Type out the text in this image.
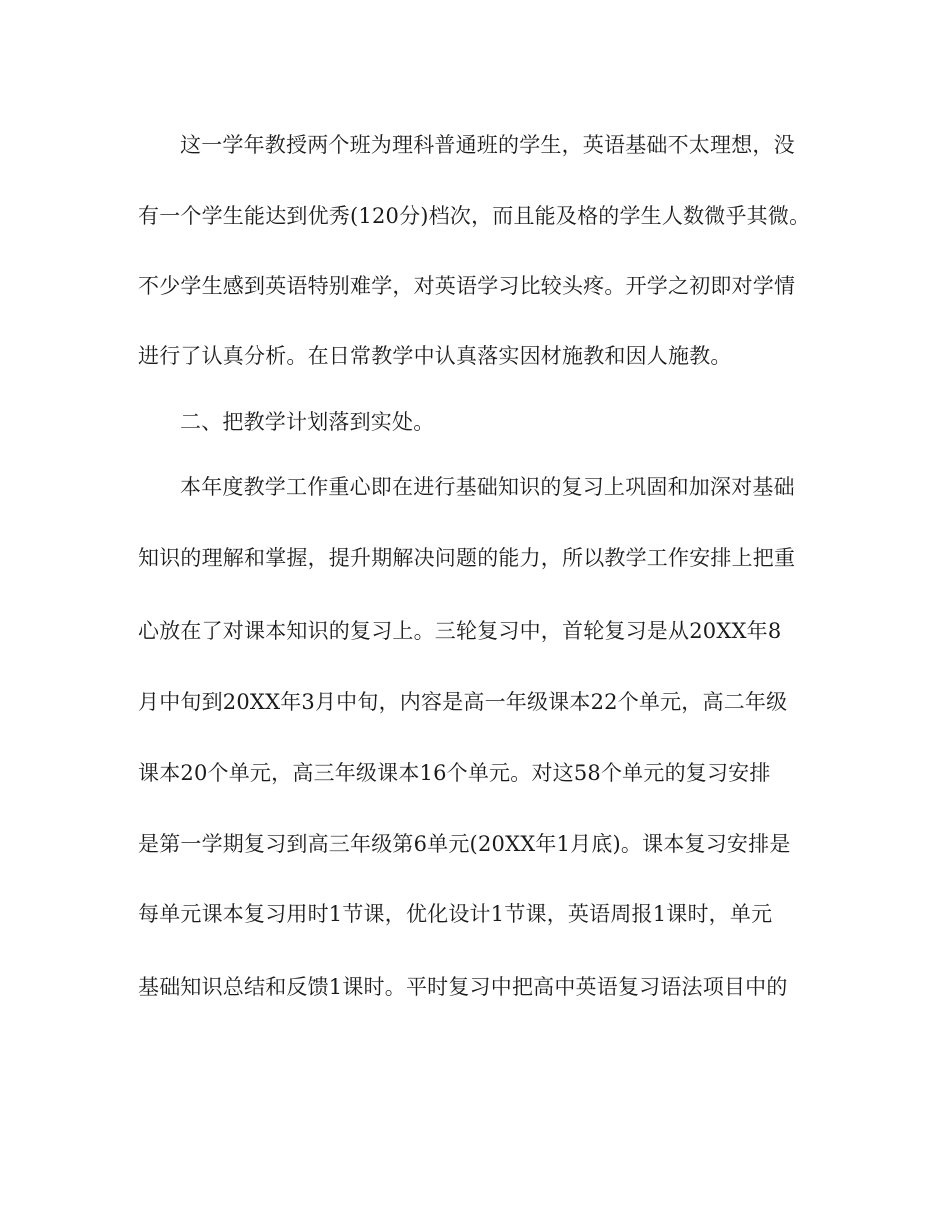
这一学年教授两个班为理科普通班的学生，英语基础不太理想，没
有一个学生能达到优秀(120分)档次，而且能及格的学生人数微乎其微。
不少学生感到英语特别难学，对英语学习比较头疼。开学之初即对学情
进行了认真分析。在日常教学中认真落实因材施教和因人施教。
二、把教学计划落到实处。
本年度教学工作重心即在进行基础知识的复习上巩固和加深对基础
知识的理解和掌握，提升期解决问题的能力，所以教学工作安排上把重
心放在了对课本知识的复习上。三轮复习中，首轮复习是从20XX年8
月中旬到20XX年3月中旬，内容是高一年级课本22个单元，高二年级
课本20个单元，高三年级课本16个单元。对这58个单元的复习安排
是第一学期复习到高三年级第6单元(20XX年1月底)。课本复习安排是
每单元课本复习用时1节课，优化设计1节课，英语周报1课时，单元
基础知识总结和反馈1课时。平时复习中把高中英语复习语法项目中的
